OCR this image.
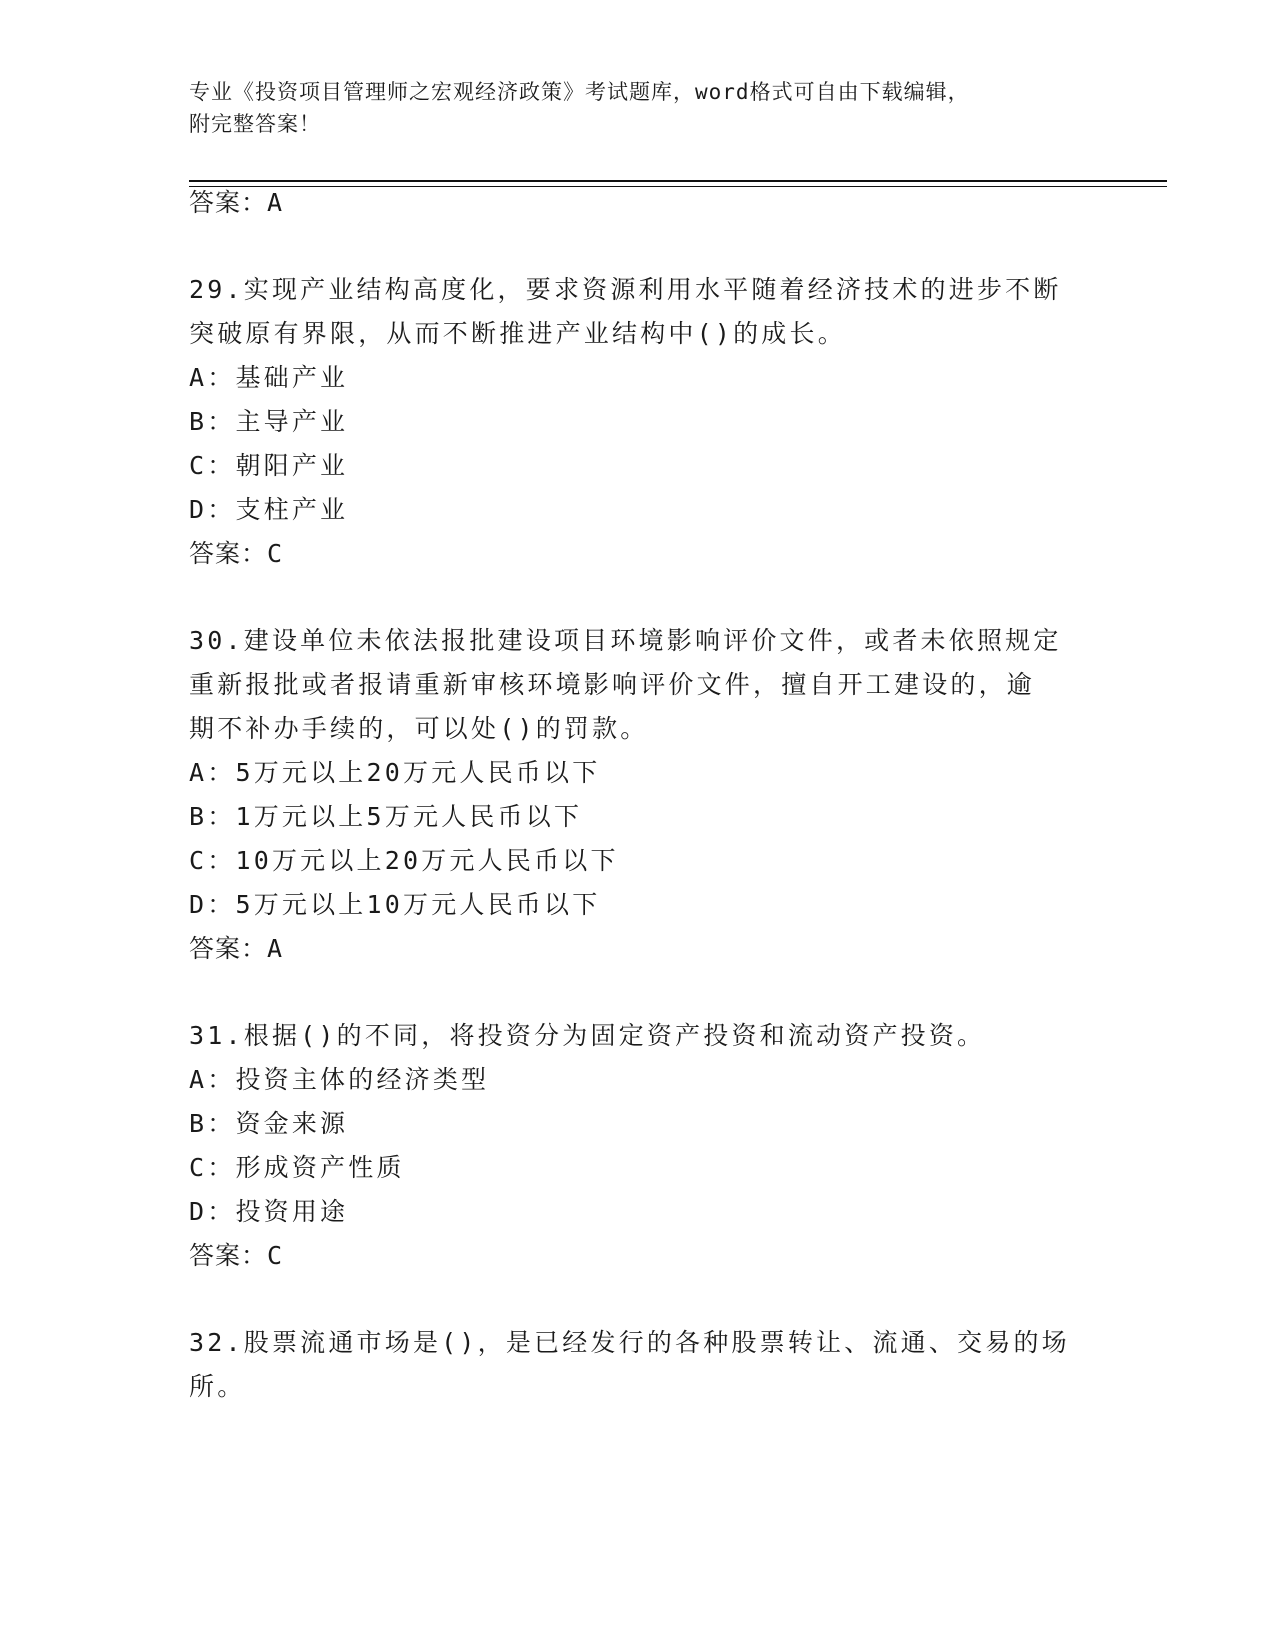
专业《投资项目管理师之宏观经济政策》考试题库，word格式可自由下载编辑，
附完整答案！
答案：A
29.实现产业结构高度化，要求资源利用水平随着经济技术的进步不断
突破原有界限，从而不断推进产业结构中()的成长。
A：基础产业
B：主导产业
C：朝阳产业
D：支柱产业
答案：C
30.建设单位未依法报批建设项目环境影响评价文件，或者未依照规定
重新报批或者报请重新审核环境影响评价文件，擅自开工建设的，逾
期不补办手续的，可以处()的罚款。
A：5万元以上20万元人民币以下
B：1万元以上5万元人民币以下
C：10万元以上20万元人民币以下
D：5万元以上10万元人民币以下
答案：A
31.根据()的不同，将投资分为固定资产投资和流动资产投资。
A：投资主体的经济类型
B：资金来源
C：形成资产性质
D：投资用途
答案：C
32.股票流通市场是()，是已经发行的各种股票转让、流通、交易的场
所。
